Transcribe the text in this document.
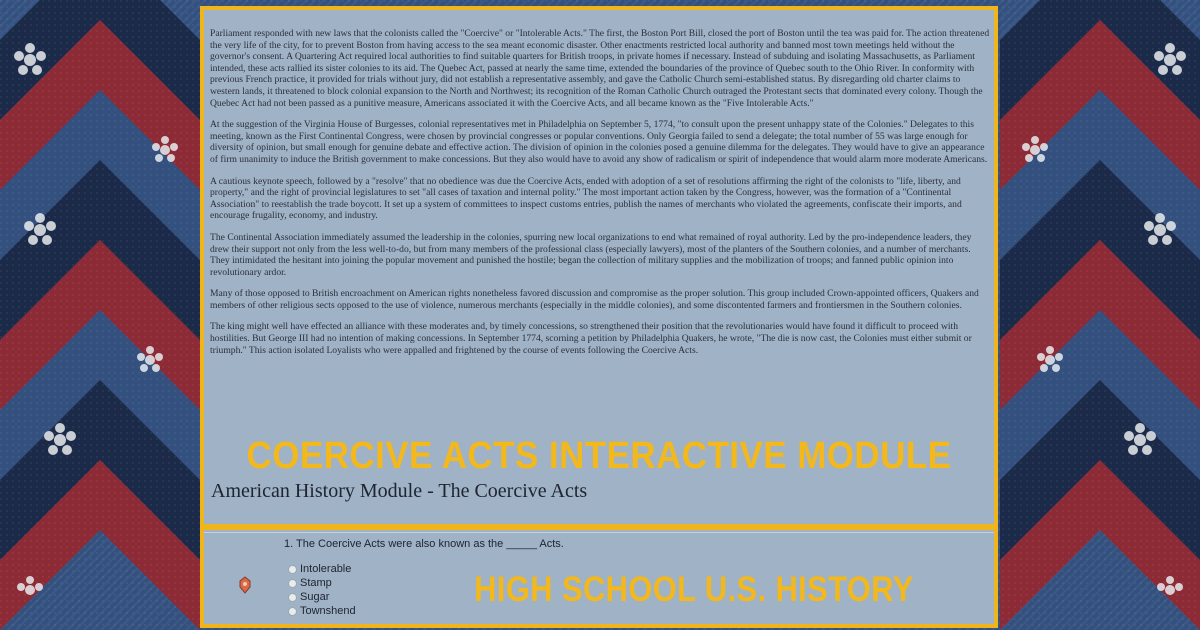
Parliament responded with new laws that the colonists called the "Coercive" or "Intolerable Acts." The first, the Boston Port Bill, closed the port of Boston until the tea was paid for. The action threatened the very life of the city, for to prevent Boston from having access to the sea meant economic disaster. Other enactments restricted local authority and banned most town meetings held without the governor's consent. A Quartering Act required local authorities to find suitable quarters for British troops, in private homes if necessary. Instead of subduing and isolating Massachusetts, as Parliament intended, these acts rallied its sister colonies to its aid. The Quebec Act, passed at nearly the same time, extended the boundaries of the province of Quebec south to the Ohio River. In conformity with previous French practice, it provided for trials without jury, did not establish a representative assembly, and gave the Catholic Church semi-established status. By disregarding old charter claims to western lands, it threatened to block colonial expansion to the North and Northwest; its recognition of the Roman Catholic Church outraged the Protestant sects that dominated every colony. Though the Quebec Act had not been passed as a punitive measure, Americans associated it with the Coercive Acts, and all became known as the "Five Intolerable Acts."

At the suggestion of the Virginia House of Burgesses, colonial representatives met in Philadelphia on September 5, 1774, "to consult upon the present unhappy state of the Colonies." Delegates to this meeting, known as the First Continental Congress, were chosen by provincial congresses or popular conventions. Only Georgia failed to send a delegate; the total number of 55 was large enough for diversity of opinion, but small enough for genuine debate and effective action. The division of opinion in the colonies posed a genuine dilemma for the delegates. They would have to give an appearance of firm unanimity to induce the British government to make concessions. But they also would have to avoid any show of radicalism or spirit of independence that would alarm more moderate Americans.

A cautious keynote speech, followed by a "resolve" that no obedience was due the Coercive Acts, ended with adoption of a set of resolutions affirming the right of the colonists to "life, liberty, and property," and the right of provincial legislatures to set "all cases of taxation and internal polity." The most important action taken by the Congress, however, was the formation of a "Continental Association" to reestablish the trade boycott. It set up a system of committees to inspect customs entries, publish the names of merchants who violated the agreements, confiscate their imports, and encourage frugality, economy, and industry.

The Continental Association immediately assumed the leadership in the colonies, spurring new local organizations to end what remained of royal authority. Led by the pro-independence leaders, they drew their support not only from the less well-to-do, but from many members of the professional class (especially lawyers), most of the planters of the Southern colonies, and a number of merchants. They intimidated the hesitant into joining the popular movement and punished the hostile; began the collection of military supplies and the mobilization of troops; and fanned public opinion into revolutionary ardor.

Many of those opposed to British encroachment on American rights nonetheless favored discussion and compromise as the proper solution. This group included Crown-appointed officers, Quakers and members of other religious sects opposed to the use of violence, numerous merchants (especially in the middle colonies), and some discontented farmers and frontiersmen in the Southern colonies.

The king might well have effected an alliance with these moderates and, by timely concessions, so strengthened their position that the revolutionaries would have found it difficult to proceed with hostilities. But George III had no intention of making concessions. In September 1774, scorning a petition by Philadelphia Quakers, he wrote, "The die is now cast, the Colonies must either submit or triumph." This action isolated Loyalists who were appalled and frightened by the course of events following the Coercive Acts.

COERCIVE ACTS INTERACTIVE MODULE
American History Module - The Coercive Acts
1. The Coercive Acts were also known as the _____ Acts.
Intolerable
Stamp
Sugar
Townshend
HIGH SCHOOL U.S. HISTORY
